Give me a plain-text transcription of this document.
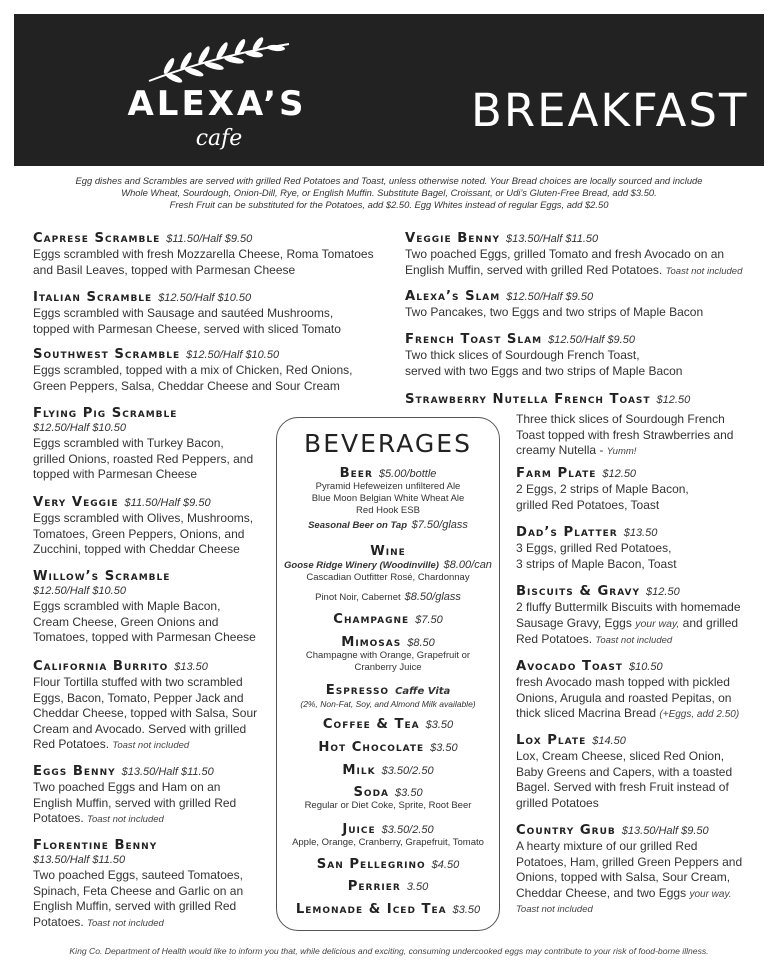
ALEXA’S
cafe
BREAKFAST
Egg dishes and Scrambles are served with grilled Red Potatoes and Toast, unless otherwise noted. Your Bread choices are locally sourced and include
Whole Wheat, Sourdough, Onion-Dill, Rye, or English Muffin. Substitute Bagel, Croissant, or Udi’s Gluten-Free Bread, add $3.50.
Fresh Fruit can be substituted for the Potatoes, add $2.50. Egg Whites instead of regular Eggs, add $2.50
Caprese Scramble $11.50/Half $9.50
Eggs scrambled with fresh Mozzarella Cheese, Roma Tomatoes
and Basil Leaves, topped with Parmesan Cheese
Italian Scramble $12.50/Half $10.50
Eggs scrambled with Sausage and sautéed Mushrooms,
topped with Parmesan Cheese, served with sliced Tomato
Southwest Scramble $12.50/Half $10.50
Eggs scrambled, topped with a mix of Chicken, Red Onions,
Green Peppers, Salsa, Cheddar Cheese and Sour Cream
Flying Pig Scramble
$12.50/Half $10.50
Eggs scrambled with Turkey Bacon,
grilled Onions, roasted Red Peppers, and
topped with Parmesan Cheese
Very Veggie $11.50/Half $9.50
Eggs scrambled with Olives, Mushrooms,
Tomatoes, Green Peppers, Onions, and
Zucchini, topped with Cheddar Cheese
Willow’s Scramble
$12.50/Half $10.50
Eggs scrambled with Maple Bacon,
Cream Cheese, Green Onions and
Tomatoes, topped with Parmesan Cheese
California Burrito $13.50
Flour Tortilla stuffed with two scrambled
Eggs, Bacon, Tomato, Pepper Jack and
Cheddar Cheese, topped with Salsa, Sour
Cream and Avocado. Served with grilled
Red Potatoes. Toast not included
Eggs Benny $13.50/Half $11.50
Two poached Eggs and Ham on an
English Muffin, served with grilled Red
Potatoes. Toast not included
Florentine Benny
$13.50/Half $11.50
Two poached Eggs, sauteed Tomatoes,
Spinach, Feta Cheese and Garlic on an
English Muffin, served with grilled Red
Potatoes. Toast not included
Veggie Benny $13.50/Half $11.50
Two poached Eggs, grilled Tomato and fresh Avocado on an
English Muffin, served with grilled Red Potatoes. Toast not included
Alexa’s Slam $12.50/Half $9.50
Two Pancakes, two Eggs and two strips of Maple Bacon
French Toast Slam $12.50/Half $9.50
Two thick slices of Sourdough French Toast,
served with two Eggs and two strips of Maple Bacon
Strawberry Nutella French Toast $12.50
Three thick slices of Sourdough French
Toast topped with fresh Strawberries and
creamy Nutella - Yumm!
Farm Plate $12.50
2 Eggs, 2 strips of Maple Bacon,
grilled Red Potatoes, Toast
Dad’s Platter $13.50
3 Eggs, grilled Red Potatoes,
3 strips of Maple Bacon, Toast
Biscuits & Gravy $12.50
2 fluffy Buttermilk Biscuits with homemade
Sausage Gravy, Eggs your way, and grilled
Red Potatoes. Toast not included
Avocado Toast $10.50
fresh Avocado mash topped with pickled
Onions, Arugula and roasted Pepitas, on
thick sliced Macrina Bread (+Eggs, add 2.50)
Lox Plate $14.50
Lox, Cream Cheese, sliced Red Onion,
Baby Greens and Capers, with a toasted
Bagel. Served with fresh Fruit instead of
grilled Potatoes
Country Grub $13.50/Half $9.50
A hearty mixture of our grilled Red
Potatoes, Ham, grilled Green Peppers and
Onions, topped with Salsa, Sour Cream,
Cheddar Cheese, and two Eggs your way.
Toast not included
BEVERAGES
Beer $5.00/bottle
Pyramid Hefeweizen unfiltered Ale
Blue Moon Belgian White Wheat Ale
Red Hook ESB
Seasonal Beer on Tap $7.50/glass
Wine
Goose Ridge Winery (Woodinville) $8.00/can
Cascadian Outfitter Rosé, Chardonnay
Pinot Noir, Cabernet $8.50/glass
Champagne $7.50
Mimosas $8.50
Champagne with Orange, Grapefruit or
Cranberry Juice
Espresso Caffe Vita
(2%, Non-Fat, Soy, and Almond Milk available)
Coffee & Tea $3.50
Hot Chocolate $3.50
Milk $3.50/2.50
Soda $3.50
Regular or Diet Coke, Sprite, Root Beer
Juice $3.50/2.50
Apple, Orange, Cranberry, Grapefruit, Tomato
San Pellegrino $4.50
Perrier 3.50
Lemonade & Iced Tea $3.50
King Co. Department of Health would like to inform you that, while delicious and exciting, consuming undercooked eggs may contribute to your risk of food-borne illness.
